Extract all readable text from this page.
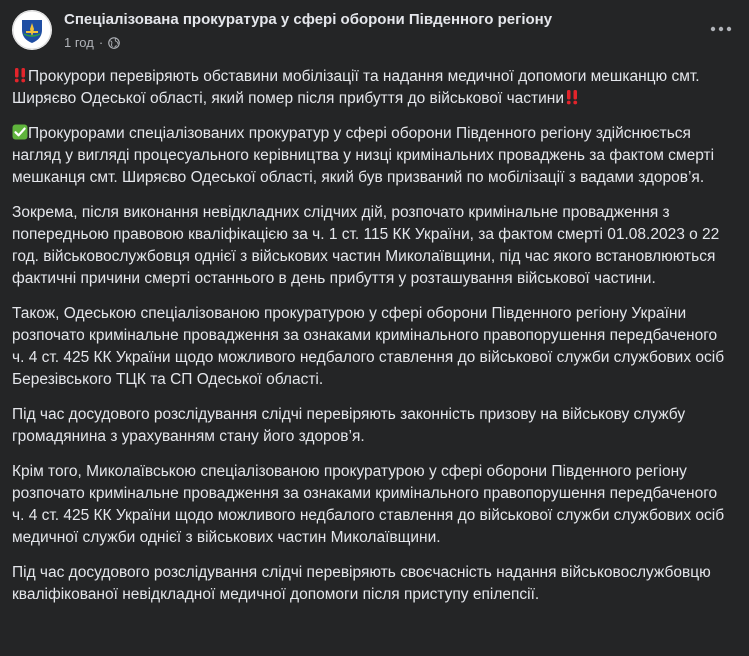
Спеціалізована прокуратура у сфері оборони Південного регіону
1 год ·

Прокурори перевіряють обставини мобілізації та надання медичної допомоги мешканцю смт. Ширяєво Одеської області, який помер після прибуття до військової частини

Прокурорами спеціалізованих прокуратур у сфері оборони Південного регіону здійснюється нагляд у вигляді процесуального керівництва у низці кримінальних проваджень за фактом смерті мешканця смт. Ширяєво Одеської області, який був призваний по мобілізації з вадами здоров’я.

Зокрема, після виконання невідкладних слідчих дій, розпочато кримінальне провадження з попередньою правовою кваліфікацією за ч. 1 ст. 115 КК України, за фактом смерті 01.08.2023 о 22 год. військовослужбовця однієї з військових частин Миколаївщини, під час якого встановлюються фактичні причини смерті останнього в день прибуття у розташування військової частини.

Також, Одеською спеціалізованою прокуратурою у сфері оборони Південного регіону України розпочато кримінальне провадження за ознаками кримінального правопорушення передбаченого ч. 4 ст. 425 КК України щодо можливого недбалого ставлення до військової служби службових осіб Березівського ТЦК та СП Одеської області.

Під час досудового розслідування слідчі перевіряють законність призову на військову службу громадянина з урахуванням стану його здоров’я.

Крім того, Миколаївською спеціалізованою прокуратурою у сфері оборони Південного регіону розпочато кримінальне провадження за ознаками кримінального правопорушення передбаченого ч. 4 ст. 425 КК України щодо можливого недбалого ставлення до військової служби службових осіб медичної служби однієї з військових частин Миколаївщини.

Під час досудового розслідування слідчі перевіряють своєчасність надання військовослужбовцю кваліфікованої невідкладної медичної допомоги після приступу епілепсії.
